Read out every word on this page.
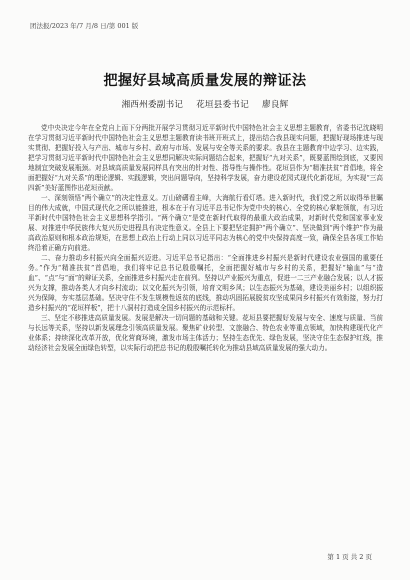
团法报/2023 年/7 月/8 日/第 001 版
把握好县域高质量发展的辩证法
湘西州委副书记 花垣县委书记 廖良辉

党中央决定今年在全党自上而下分两批开展学习贯彻习近平新时代中国特色社会主义思想主题教育，省委书记沈晓明在学习贯彻习近平新时代中国特色社会主义思想主题教育读书班开班式上，提出结合我县现实问题，把握好现场推进与现实贯彻、把握好投入与产出、城市与乡村、政府与市场、发展与安全等关系的要求。我县在主题教育中边学习、边实践，把学习贯彻习近平新时代中国特色社会主义思想同解决实际问题结合起来，把握好“九对关系”，既要蓝图绘到底，又要因地制宜突破发展瓶颈。对县域高质量发展同样具有突出的针对性、指导性与操作性。花垣县作为“精准扶贫”首倡地，将全面把握好“九对关系”的理论逻辑、实践逻辑，突出问题导向，坚持科学发展，奋力建设花园式现代化新花垣，为实现“三高四新”美好蓝图作出花垣贡献。

一、深刻领悟“两个确立”的决定性意义。万山磅礴看主峰，大海航行看灯塔。进入新时代，我们党之所以取得举世瞩目的伟大成就，中国式现代化之所以能推进，根本在于有习近平总书记作为党中央的核心、全党的核心掌舵领航，有习近平新时代中国特色社会主义思想科学指引。“两个确立”是党在新时代取得的最重大政治成果，对新时代党和国家事业发展、对推进中华民族伟大复兴历史进程具有决定性意义。全县上下要把坚定拥护“两个确立”、坚决做到“两个维护”作为最高政治原则和根本政治规矩，在思想上政治上行动上同以习近平同志为核心的党中央保持高度一致，确保全县各项工作始终沿着正确方向前进。

二、奋力推动乡村振兴向全面振兴迈进。习近平总书记指出：“全面推进乡村振兴是新时代建设农业强国的重要任务。”作为“精准扶贫”首倡地，我们将牢记总书记殷殷嘱托，全面把握好城市与乡村的关系，把握好“输血”与“造血”、“点”与“面”的辩证关系，全面推进乡村振兴走在前列。坚持以产业振兴为重点，促进一二三产业融合发展；以人才振兴为支撑，推动各类人才向乡村流动；以文化振兴为引领，培育文明乡风；以生态振兴为基础，建设美丽乡村；以组织振兴为保障，夯实基层基础。坚决守住不发生规模性返贫的底线，推动巩固拓展脱贫攻坚成果同乡村振兴有效衔接，努力打造乡村振兴的“花垣样板”，把十八洞村打造成全国乡村振兴的示范标杆。

三、坚定不移推进高质量发展。发展是解决一切问题的基础和关键。花垣县要把握好发展与安全、速度与质量、当前与长远等关系，坚持以新发展理念引领高质量发展。聚焦矿业转型、文旅融合、特色农业等重点领域，加快构建现代化产业体系；持续深化改革开放，优化营商环境，激发市场主体活力；坚持生态优先、绿色发展，坚决守住生态保护红线，推动经济社会发展全面绿色转型，以实际行动把总书记的殷殷嘱托转化为推动县域高质量发展的强大动力。

第 1 页 共 2 页
